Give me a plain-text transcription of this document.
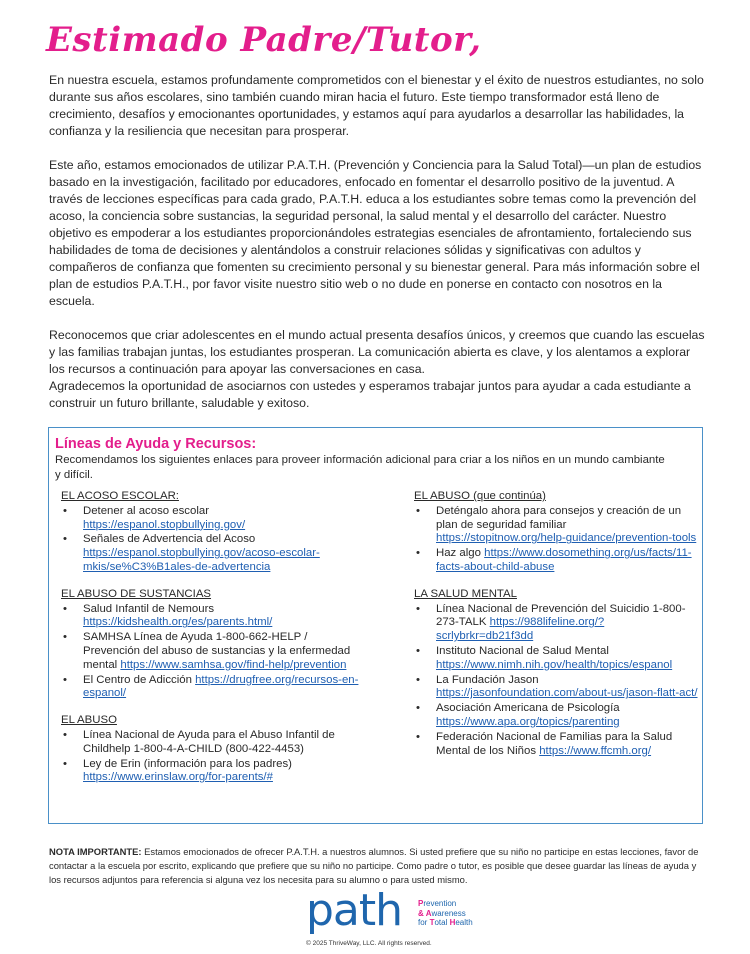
Estimado Padre/Tutor,

En nuestra escuela, estamos profundamente comprometidos con el bienestar y el éxito de nuestros estudiantes, no solo durante sus años escolares, sino también cuando miran hacia el futuro. Este tiempo transformador está lleno de crecimiento, desafíos y emocionantes oportunidades, y estamos aquí para ayudarlos a desarrollar las habilidades, la confianza y la resiliencia que necesitan para prosperar.

Este año, estamos emocionados de utilizar P.A.T.H. (Prevención y Conciencia para la Salud Total)—un plan de estudios basado en la investigación, facilitado por educadores, enfocado en fomentar el desarrollo positivo de la juventud. A través de lecciones específicas para cada grado, P.A.T.H. educa a los estudiantes sobre temas como la prevención del acoso, la conciencia sobre sustancias, la seguridad personal, la salud mental y el desarrollo del carácter. Nuestro objetivo es empoderar a los estudiantes proporcionándoles estrategias esenciales de afrontamiento, fortaleciendo sus habilidades de toma de decisiones y alentándolos a construir relaciones sólidas y significativas con adultos y compañeros de confianza que fomenten su crecimiento personal y su bienestar general. Para más información sobre el plan de estudios P.A.T.H., por favor visite nuestro sitio web o no dude en ponerse en contacto con nosotros en la escuela.

Reconocemos que criar adolescentes en el mundo actual presenta desafíos únicos, y creemos que cuando las escuelas y las familias trabajan juntas, los estudiantes prosperan. La comunicación abierta es clave, y los alentamos a explorar los recursos a continuación para apoyar las conversaciones en casa.

Agradecemos la oportunidad de asociarnos con ustedes y esperamos trabajar juntos para ayudar a cada estudiante a construir un futuro brillante, saludable y exitoso.

Líneas de Ayuda y Recursos:

Recomendamos los siguientes enlaces para proveer información adicional para criar a los niños en un mundo cambiante y difícil.

EL ACOSO ESCOLAR:
• Detener al acoso escolar https://espanol.stopbullying.gov/
• Señales de Advertencia del Acoso https://espanol.stopbullying.gov/acoso-escolar-mkis/se%C3%B1ales-de-advertencia
EL ABUSO DE SUSTANCIAS
• Salud Infantil de Nemours https://kidshealth.org/es/parents.html/
• SAMHSA Línea de Ayuda 1-800-662-HELP / Prevención del abuso de sustancias y la enfermedad mental https://www.samhsa.gov/find-help/prevention
• El Centro de Adicción https://drugfree.org/recursos-en-espanol/
EL ABUSO
• Línea Nacional de Ayuda para el Abuso Infantil de Childhelp 1-800-4-A-CHILD (800-422-4453)
• Ley de Erin (información para los padres) https://www.erinslaw.org/for-parents/#
EL ABUSO (que continúa)
• Deténgalo ahora para consejos y creación de un plan de seguridad familiar https://stopitnow.org/help-guidance/prevention-tools
• Haz algo https://www.dosomething.org/us/facts/11-facts-about-child-abuse
LA SALUD MENTAL
• Línea Nacional de Prevención del Suicidio 1-800-273-TALK https://988lifeline.org/?scrlybrkr=db21f3dd
• Instituto Nacional de Salud Mental https://www.nimh.nih.gov/health/topics/espanol
• La Fundación Jason https://jasonfoundation.com/about-us/jason-flatt-act/
• Asociación Americana de Psicología https://www.apa.org/topics/parenting
• Federación Nacional de Familias para la Salud Mental de los Niños https://www.ffcmh.org/

NOTA IMPORTANTE: Estamos emocionados de ofrecer P.A.T.H. a nuestros alumnos. Si usted prefiere que su niño no participe en estas lecciones, favor de contactar a la escuela por escrito, explicando que prefiere que su niño no participe. Como padre o tutor, es posible que desee guardar las líneas de ayuda y los recursos adjuntos para referencia si alguna vez los necesita para su alumno o para usted mismo.

path Prevention
& Awareness
for Total Health
© 2025 ThriveWay, LLC. All rights reserved.
